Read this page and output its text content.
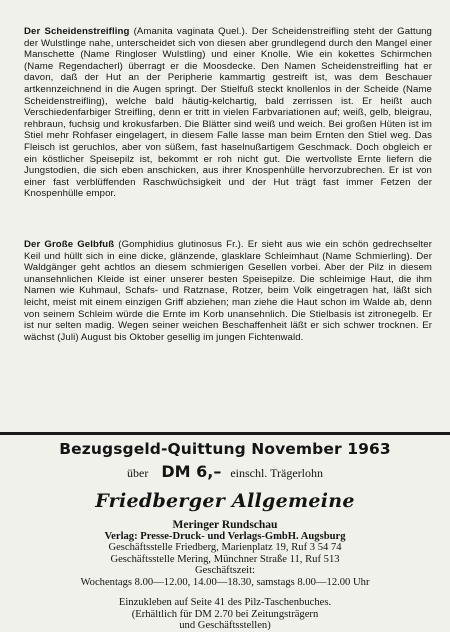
Der Scheidenstreifling (Amanita vaginata Quel.). Der Scheidenstreifling steht der Gattung der Wulstlinge nahe, unterscheidet sich von diesen aber grundlegend durch den Mangel einer Manschette (Name Ringloser Wulstling) und einer Knolle. Wie ein kokettes Schirmchen (Name Regendacherl) überragt er die Moosdecke. Den Namen Scheidenstreifling hat er davon, daß der Hut an der Peripherie kammartig gestreift ist, was dem Beschauer artkennzeichnend in die Augen springt. Der Stielfuß steckt knollenlos in der Scheide (Name Scheidenstreifling), welche bald häutig-kelchartig, bald zerrissen ist. Er heißt auch Verschiedenfarbiger Streifling, denn er tritt in vielen Farbvariationen auf; weiß, gelb, bleigrau, rehbraun, fuchsig und krokusfarben. Die Blätter sind weiß und weich. Bei großen Hüten ist im Stiel mehr Rohfaser eingelagert, in diesem Falle lasse man beim Ernten den Stiel weg. Das Fleisch ist geruchlos, aber von süßem, fast haselnußartigem Geschmack. Doch obgleich er ein köstlicher Speisepilz ist, bekommt er roh nicht gut. Die wertvollste Ernte liefern die Jungstodien, die sich eben anschicken, aus ihrer Knospenhülle hervorzubrechen. Er ist von einer fast verblüffenden Raschwüchsigkeit und der Hut trägt fast immer Fetzen der Knospenhülle empor.

Der Große Gelbfuß (Gomphidius glutinosus Fr.). Er sieht aus wie ein schön gedrechselter Keil und hüllt sich in eine dicke, glänzende, glasklare Schleimhaut (Name Schmierling). Der Waldgänger geht achtlos an diesem schmierigen Gesellen vorbei. Aber der Pilz in diesem unansehnlichen Kleide ist einer unserer besten Speisepilze. Die schleimige Haut, die ihm Namen wie Kuhmaul, Schafs- und Ratznase, Rotzer, beim Volk eingetragen hat, läßt sich leicht, meist mit einem einzigen Griff abziehen; man ziehe die Haut schon im Walde ab, denn von seinem Schleim würde die Ernte im Korb unansehnlich. Die Stielbasis ist zitronegelb. Er ist nur selten madig. Wegen seiner weichen Beschaffenheit läßt er sich schwer trocknen. Er wächst (Juli) August bis Oktober gesellig im jungen Fichtenwald.

Bezugsgeld-Quittung November 1963
über DM 6,– einschl. Trägerlohn
Friedberger Allgemeine
Meringer Rundschau
Verlag: Presse-Druck- und Verlags-GmbH. Augsburg
Geschäftsstelle Friedberg, Marienplatz 19, Ruf 3 54 74
Geschäftsstelle Mering, Münchner Straße 11, Ruf 513
Geschäftszeit:
Wochentags 8.00—12.00, 14.00—18.30, samstags 8.00—12.00 Uhr
Einzukleben auf Seite 41 des Pilz-Taschenbuches.
(Erhältlich für DM 2.70 bei Zeitungsträgern
und Geschäftsstellen)
